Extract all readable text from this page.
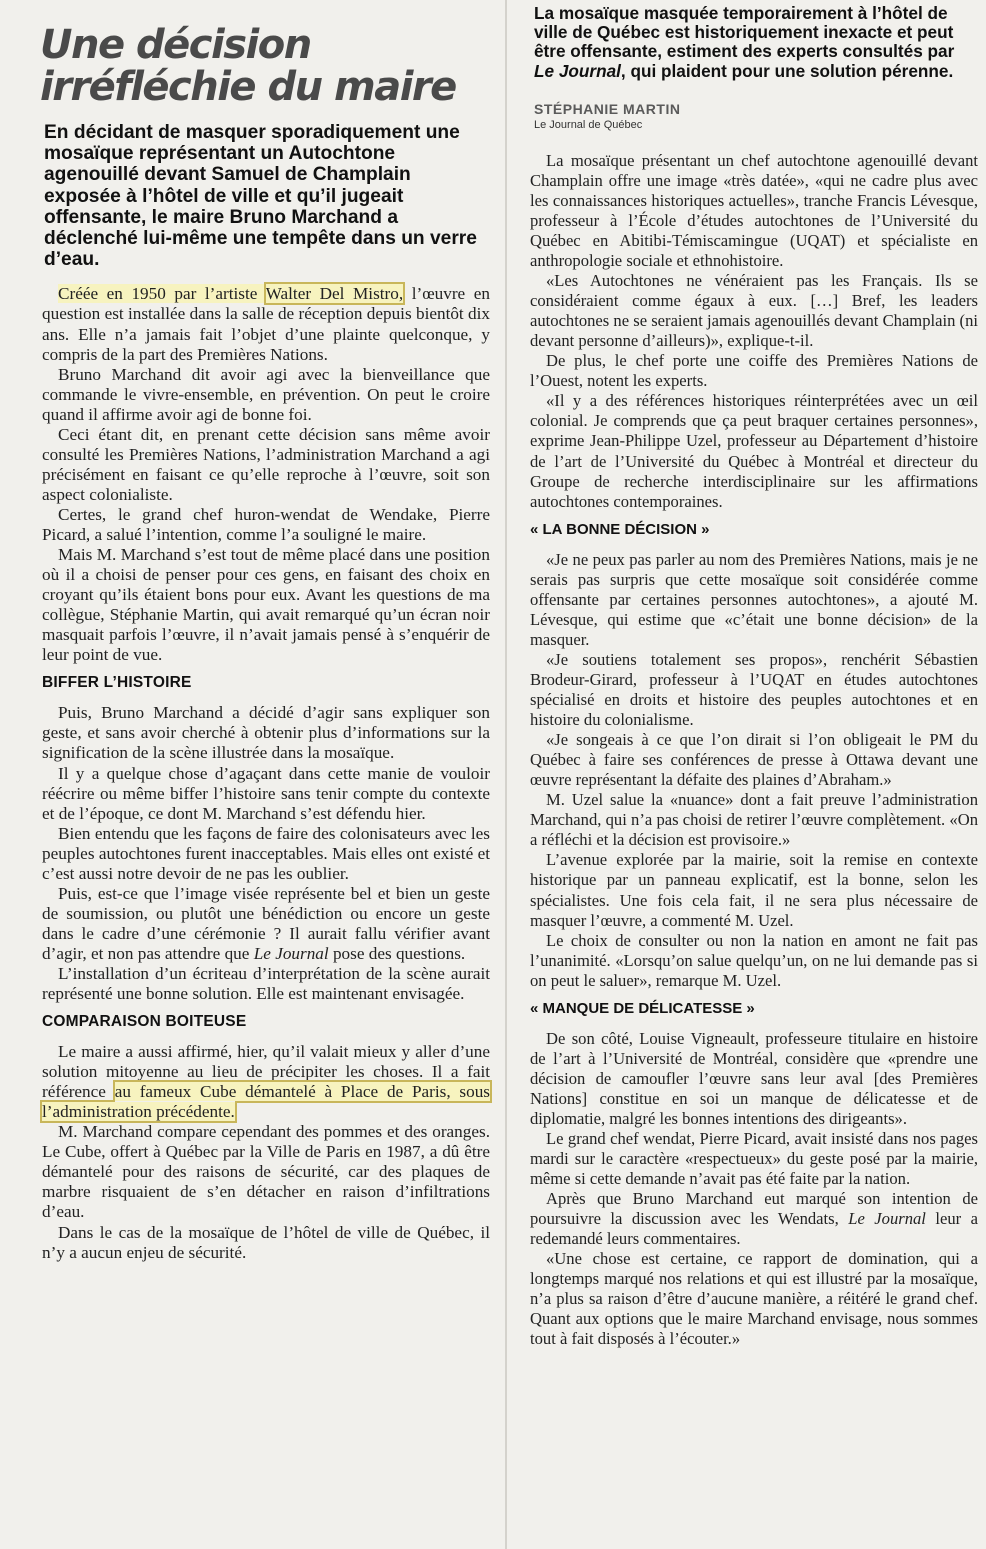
Une décision irréfléchie du maire
En décidant de masquer sporadiquement une mosaïque représentant un Autochtone agenouillé devant Samuel de Champlain exposée à l’hôtel de ville et qu’il jugeait offensante, le maire Bruno Marchand a déclenché lui-même une tempête dans un verre d’eau.

Créée en 1950 par l’artiste Walter Del Mistro, l’œuvre en question est installée dans la salle de réception depuis bientôt dix ans. Elle n’a jamais fait l’objet d’une plainte quelconque, y compris de la part des Premières Nations.

Bruno Marchand dit avoir agi avec la bienveillance que commande le vivre-ensemble, en prévention. On peut le croire quand il affirme avoir agi de bonne foi.

Ceci étant dit, en prenant cette décision sans même avoir consulté les Premières Nations, l’administration Marchand a agi précisément en faisant ce qu’elle reproche à l’œuvre, soit son aspect colonialiste.

Certes, le grand chef huron-wendat de Wendake, Pierre Picard, a salué l’intention, comme l’a souligné le maire.

Mais M. Marchand s’est tout de même placé dans une position où il a choisi de penser pour ces gens, en faisant des choix en croyant qu’ils étaient bons pour eux. Avant les questions de ma collègue, Stéphanie Martin, qui avait remarqué qu’un écran noir masquait parfois l’œuvre, il n’avait jamais pensé à s’enquérir de leur point de vue.

BIFFER L’HISTOIRE

Puis, Bruno Marchand a décidé d’agir sans expliquer son geste, et sans avoir cherché à obtenir plus d’informations sur la signification de la scène illustrée dans la mosaïque.

Il y a quelque chose d’agaçant dans cette manie de vouloir réécrire ou même biffer l’histoire sans tenir compte du contexte et de l’époque, ce dont M. Marchand s’est défendu hier.

Bien entendu que les façons de faire des colonisateurs avec les peuples autochtones furent inacceptables. Mais elles ont existé et c’est aussi notre devoir de ne pas les oublier.

Puis, est-ce que l’image visée représente bel et bien un geste de soumission, ou plutôt une bénédiction ou encore un geste dans le cadre d’une cérémonie ? Il aurait fallu vérifier avant d’agir, et non pas attendre que Le Journal pose des questions.

L’installation d’un écriteau d’interprétation de la scène aurait représenté une bonne solution. Elle est maintenant envisagée.

COMPARAISON BOITEUSE

Le maire a aussi affirmé, hier, qu’il valait mieux y aller d’une solution mitoyenne au lieu de précipiter les choses. Il a fait référence au fameux Cube démantelé à Place de Paris, sous l’administration précédente.

M. Marchand compare cependant des pommes et des oranges. Le Cube, offert à Québec par la Ville de Paris en 1987, a dû être démantelé pour des raisons de sécurité, car des plaques de marbre risquaient de s’en détacher en raison d’infiltrations d’eau.

Dans le cas de la mosaïque de l’hôtel de ville de Québec, il n’y a aucun enjeu de sécurité.

La mosaïque masquée temporairement à l’hôtel de ville de Québec est historiquement inexacte et peut être offensante, estiment des experts consultés par Le Journal, qui plaident pour une solution pérenne.
STÉPHANIE MARTIN
Le Journal de Québec

La mosaïque présentant un chef autochtone agenouillé devant Champlain offre une image «très datée», «qui ne cadre plus avec les connaissances historiques actuelles», tranche Francis Lévesque, professeur à l’École d’études autochtones de l’Université du Québec en Abitibi-Témiscamingue (UQAT) et spécialiste en anthropologie sociale et ethnohistoire.

«Les Autochtones ne vénéraient pas les Français. Ils se considéraient comme égaux à eux. […] Bref, les leaders autochtones ne se seraient jamais agenouillés devant Champlain (ni devant personne d’ailleurs)», explique-t-il.

De plus, le chef porte une coiffe des Premières Nations de l’Ouest, notent les experts.

«Il y a des références historiques réinterprétées avec un œil colonial. Je comprends que ça peut braquer certaines personnes», exprime Jean-Philippe Uzel, professeur au Département d’histoire de l’art de l’Université du Québec à Montréal et directeur du Groupe de recherche interdisciplinaire sur les affirmations autochtones contemporaines.

« LA BONNE DÉCISION »

«Je ne peux pas parler au nom des Premières Nations, mais je ne serais pas surpris que cette mosaïque soit considérée comme offensante par certaines personnes autochtones», a ajouté M. Lévesque, qui estime que «c’était une bonne décision» de la masquer.

«Je soutiens totalement ses propos», renchérit Sébastien Brodeur-Girard, professeur à l’UQAT en études autochtones spécialisé en droits et histoire des peuples autochtones et en histoire du colonialisme.

«Je songeais à ce que l’on dirait si l’on obligeait le PM du Québec à faire ses conférences de presse à Ottawa devant une œuvre représentant la défaite des plaines d’Abraham.»

M. Uzel salue la «nuance» dont a fait preuve l’administration Marchand, qui n’a pas choisi de retirer l’œuvre complètement. «On a réfléchi et la décision est provisoire.»

L’avenue explorée par la mairie, soit la remise en contexte historique par un panneau explicatif, est la bonne, selon les spécialistes. Une fois cela fait, il ne sera plus nécessaire de masquer l’œuvre, a commenté M. Uzel.

Le choix de consulter ou non la nation en amont ne fait pas l’unanimité. «Lorsqu’on salue quelqu’un, on ne lui demande pas si on peut le saluer», remarque M. Uzel.

« MANQUE DE DÉLICATESSE »

De son côté, Louise Vigneault, professeure titulaire en histoire de l’art à l’Université de Montréal, considère que «prendre une décision de camoufler l’œuvre sans leur aval [des Premières Nations] constitue en soi un manque de délicatesse et de diplomatie, malgré les bonnes intentions des dirigeants».

Le grand chef wendat, Pierre Picard, avait insisté dans nos pages mardi sur le caractère «respectueux» du geste posé par la mairie, même si cette demande n’avait pas été faite par la nation.

Après que Bruno Marchand eut marqué son intention de poursuivre la discussion avec les Wendats, Le Journal leur a redemandé leurs commentaires.

«Une chose est certaine, ce rapport de domination, qui a longtemps marqué nos relations et qui est illustré par la mosaïque, n’a plus sa raison d’être d’aucune manière, a réitéré le grand chef. Quant aux options que le maire Marchand envisage, nous sommes tout à fait disposés à l’écouter.»
